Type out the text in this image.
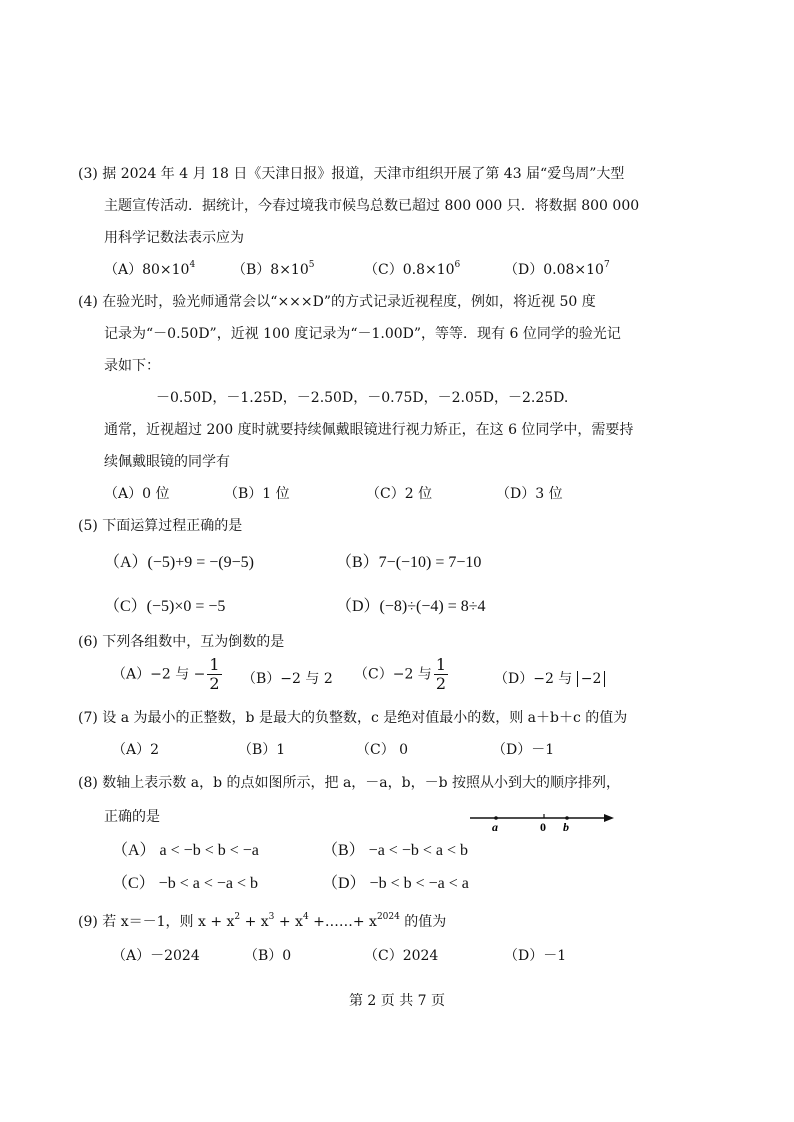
(3) 据 2024 年 4 月 18 日《天津日报》报道，天津市组织开展了第 43 届“爱鸟周”大型
主题宣传活动．据统计，今春过境我市候鸟总数已超过 800 000 只．将数据 800 000
用科学记数法表示应为
$(A)80\times 10^4$	$(B)8\times 10^5$	$(C)0.8\times 10^6$	$(D)0.08\times 10^7$
(4) 在验光时，验光师通常会以“×××D”的方式记录近视程度，例如，将近视 50 度
记录为“－0.50D”，近视 100 度记录为“－1.00D”，等等．现有 6 位同学的验光记
录如下：
－0.50D，－1.25D，－2.50D，－0.75D，－2.05D，－2.25D.
通常，近视超过 200 度时就要持续佩戴眼镜进行视力矫正，在这 6 位同学中，需要持
续佩戴眼镜的同学有
（A）0 位	（B）1 位	（C）2 位	（D）3 位
(5) 下面运算过程正确的是
（A）(−5)+9 = −(9−5)	（B）7−(−10) = 7−10
（C）(−5)×0 = −5	（D）(−8)÷(−4) = 8÷4
(6) 下列各组数中，互为倒数的是
（A）−2 与 − $\frac{1}{2} (B)-2$ 与 2 （C）−2 与 $\frac{1}{2}$	（D）−2 与 −2
(7) 设 a 为最小的正整数，b 是最大的负整数，c 是绝对值最小的数，则 a＋b＋c 的值为
（A）2	（B）1	（C） 0	（D）－1
(8) 数轴上表示数 a，b 的点如图所示，把 a，－a，b，－b 按照从小到大的顺序排列，
正确的是
a	0 b
（A） a < −b < b < −a	（B） −a < −b < a < b
（C） −b < a < −a < b	（D） −b < b < −a < a
(9) 若 x＝－1，则 $x + x^2 + x^3 + x^4$ +……+ $x^{2024}$ 的值为
（A）－2024	（B）0	（C）2024	（D）－1
第 2 页 共 7 页
